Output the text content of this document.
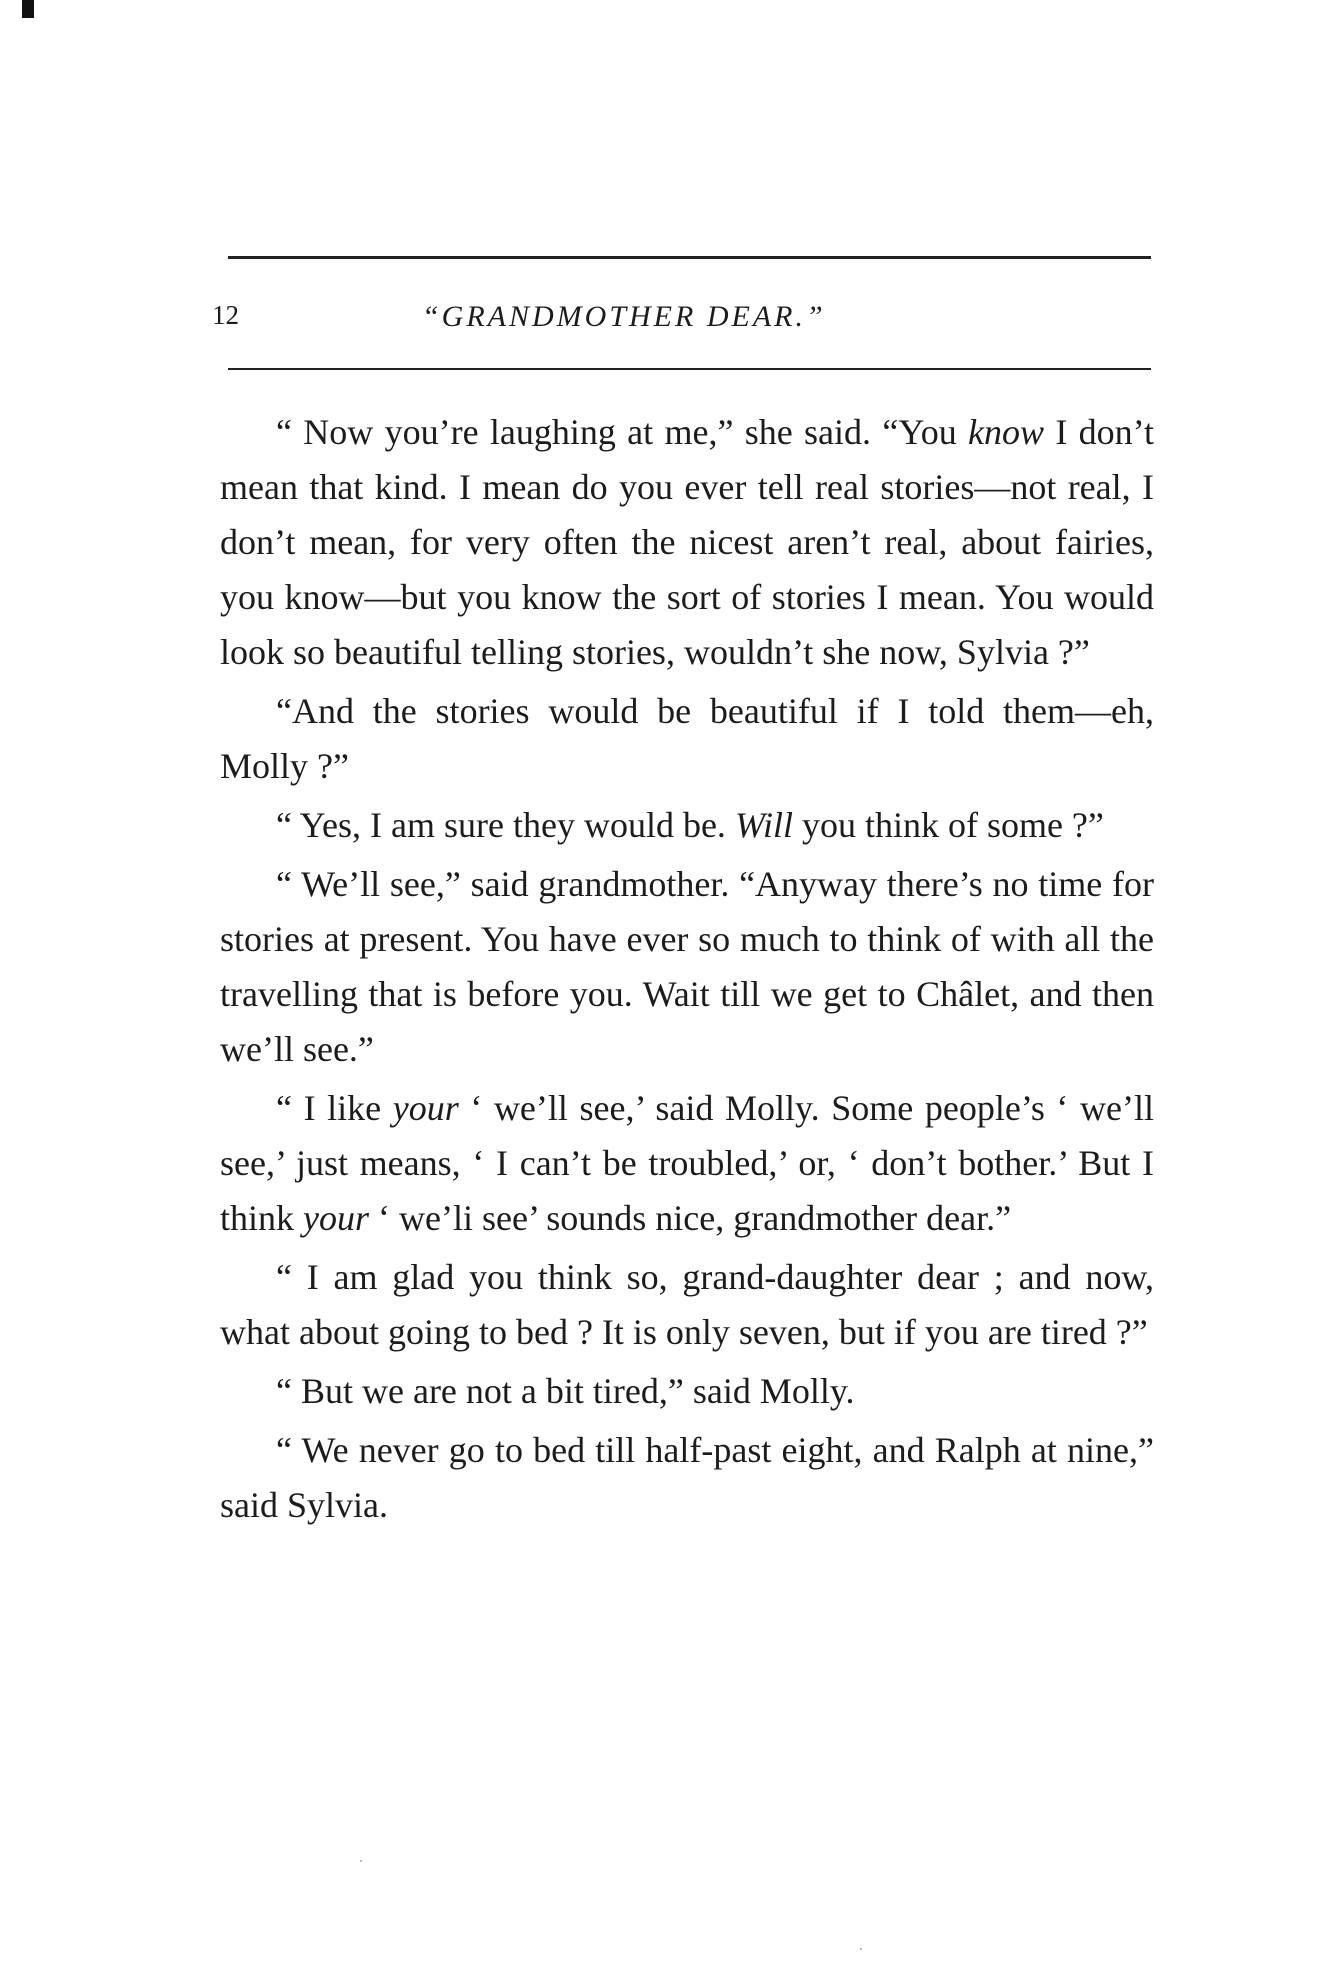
12	“GRANDMOTHER DEAR.”

“ Now you’re laughing at me,” she said. “You know I don’t mean that kind. I mean do you ever tell real stories—not real, I don’t mean, for very often the nicest aren’t real, about fairies, you know—but you know the sort of stories I mean. You would look so beautiful telling stories, wouldn’t she now, Sylvia ?”

“And the stories would be beautiful if I told them—eh, Molly ?”

“ Yes, I am sure they would be. Will you think of some ?”

“ We’ll see,” said grandmother. “Anyway there’s no time for stories at present. You have ever so much to think of with all the travelling that is before you. Wait till we get to Châlet, and then we’ll see.”

“ I like your ‘ we’ll see,’ said Molly. Some people’s ‘ we’ll see,’ just means, ‘ I can’t be troubled,’ or, ‘ don’t bother.’ But I think your ‘ we’li see’ sounds nice, grandmother dear.”

“ I am glad you think so, grand-daughter dear ; and now, what about going to bed ? It is only seven, but if you are tired ?”

“ But we are not a bit tired,” said Molly.

“ We never go to bed till half-past eight, and Ralph at nine,” said Sylvia.
